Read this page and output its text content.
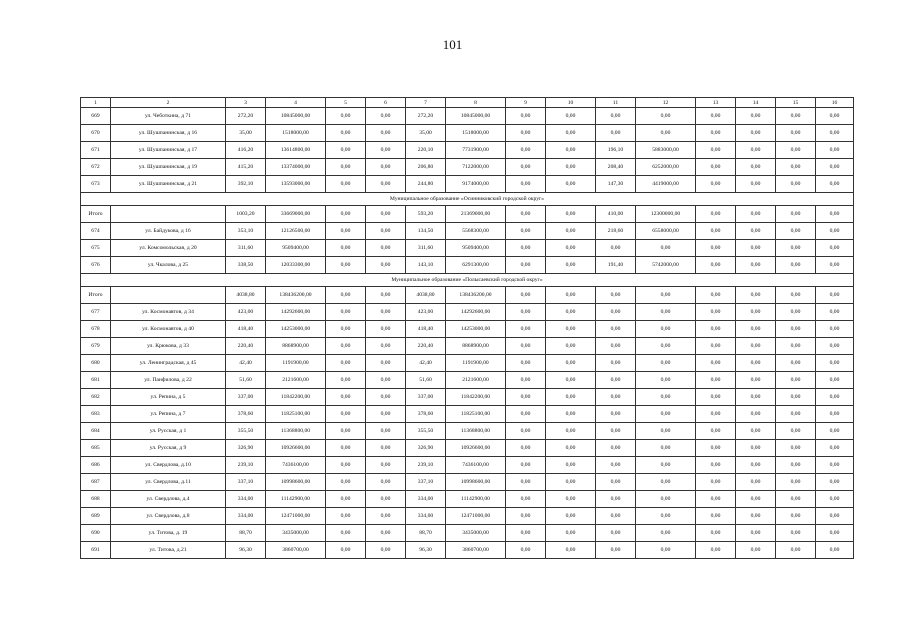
101
1	2	3	4	5	6	7	8	9	10	11	12	13	14	15	16
669	ул. Чеботкина, д 71	272,20	10845000,00	0,00	0,00	272,20	10845000,00	0,00	0,00	0,00	0,00	0,00	0,00	0,00	0,00
670	ул. Шушпанинская, д 16	35,00	1518000,00	0,00	0,00	35,00	1518000,00	0,00	0,00	0,00	0,00	0,00	0,00	0,00	0,00
671	ул. Шушпанинская, д 17	416,20	13614800,00	0,00	0,00	220,10	7731900,00	0,00	0,00	196,10	5883000,00	0,00	0,00	0,00	0,00
672	ул. Шушпанинская, д 19	415,20	13374000,00	0,00	0,00	206,80	7122000,00	0,00	0,00	208,40	6252000,00	0,00	0,00	0,00	0,00
673	ул. Шушпанинская, д 21	392,10	13593000,00	0,00	0,00	244,80	9174000,00	0,00	0,00	147,30	4419000,00	0,00	0,00	0,00	0,00
Муниципальное образование «Осинниковский городской округ»															
Итого		1003,20	33669000,00	0,00	0,00	593,20	21369000,00	0,00	0,00	410,00	12300000,00	0,00	0,00	0,00	0,00
674	ул. Байдукова, д 16	353,10	12126500,00	0,00	0,00	134,50	5568300,00	0,00	0,00	218,60	6558000,00	0,00	0,00	0,00	0,00
675	ул. Комсомольская, д 20	311,60	9509400,00	0,00	0,00	311,60	9509400,00	0,00	0,00	0,00	0,00	0,00	0,00	0,00	0,00
676	ул. Чкалова, д 25	338,50	12033300,00	0,00	0,00	143,10	6291300,00	0,00	0,00	191,40	5742000,00	0,00	0,00	0,00	0,00
Муниципальное образование «Полысаевский городской округ»															
Итого		4038,80	138436200,00	0,00	0,00	4038,80	138436200,00	0,00	0,00	0,00	0,00	0,00	0,00	0,00	0,00
677	ул. Космонавтов, д 34	423,00	14292600,00	0,00	0,00	423,00	14292600,00	0,00	0,00	0,00	0,00	0,00	0,00	0,00	0,00
678	ул. Космонавтов, д 40	418,40	14253000,00	0,00	0,00	418,40	14253000,00	0,00	0,00	0,00	0,00	0,00	0,00	0,00	0,00
679	ул. Крюкова, д 33	220,40	8868900,00	0,00	0,00	220,40	8868900,00	0,00	0,00	0,00	0,00	0,00	0,00	0,00	0,00
680	ул. Ленинградская, д 45	42,40	1191900,00	0,00	0,00	42,40	1191900,00	0,00	0,00	0,00	0,00	0,00	0,00	0,00	0,00
681	ул. Панфилова, д 22	51,60	2121600,00	0,00	0,00	51,60	2121600,00	0,00	0,00	0,00	0,00	0,00	0,00	0,00	0,00
682	ул. Репина, д 5	337,00	11842200,00	0,00	0,00	337,00	11842200,00	0,00	0,00	0,00	0,00	0,00	0,00	0,00	0,00
683	ул. Репина, д 7	378,60	11825100,00	0,00	0,00	378,60	11825100,00	0,00	0,00	0,00	0,00	0,00	0,00	0,00	0,00
684	ул. Русская, д 1	355,50	11368800,00	0,00	0,00	355,50	11368800,00	0,00	0,00	0,00	0,00	0,00	0,00	0,00	0,00
685	ул. Русская, д 9	326,90	10926600,00	0,00	0,00	326,90	10926600,00	0,00	0,00	0,00	0,00	0,00	0,00	0,00	0,00
686	ул. Свердлова, д.10	239,10	7436100,00	0,00	0,00	239,10	7436100,00	0,00	0,00	0,00	0,00	0,00	0,00	0,00	0,00
687	ул. Свердлова, д.11	337,10	10998600,00	0,00	0,00	337,10	10998600,00	0,00	0,00	0,00	0,00	0,00	0,00	0,00	0,00
688	ул. Свердлова, д.4	334,00	11142900,00	0,00	0,00	334,00	11142900,00	0,00	0,00	0,00	0,00	0,00	0,00	0,00	0,00
689	ул. Свердлова, д.8	334,00	12471000,00	0,00	0,00	334,00	12471000,00	0,00	0,00	0,00	0,00	0,00	0,00	0,00	0,00
690	ул. Титова, д. 19	88,70	3435000,00	0,00	0,00	88,70	3435000,00	0,00	0,00	0,00	0,00	0,00	0,00	0,00	0,00
691	ул. Титова, д.21	96,30	3860700,00	0,00	0,00	96,30	3860700,00	0,00	0,00	0,00	0,00	0,00	0,00	0,00	0,00
